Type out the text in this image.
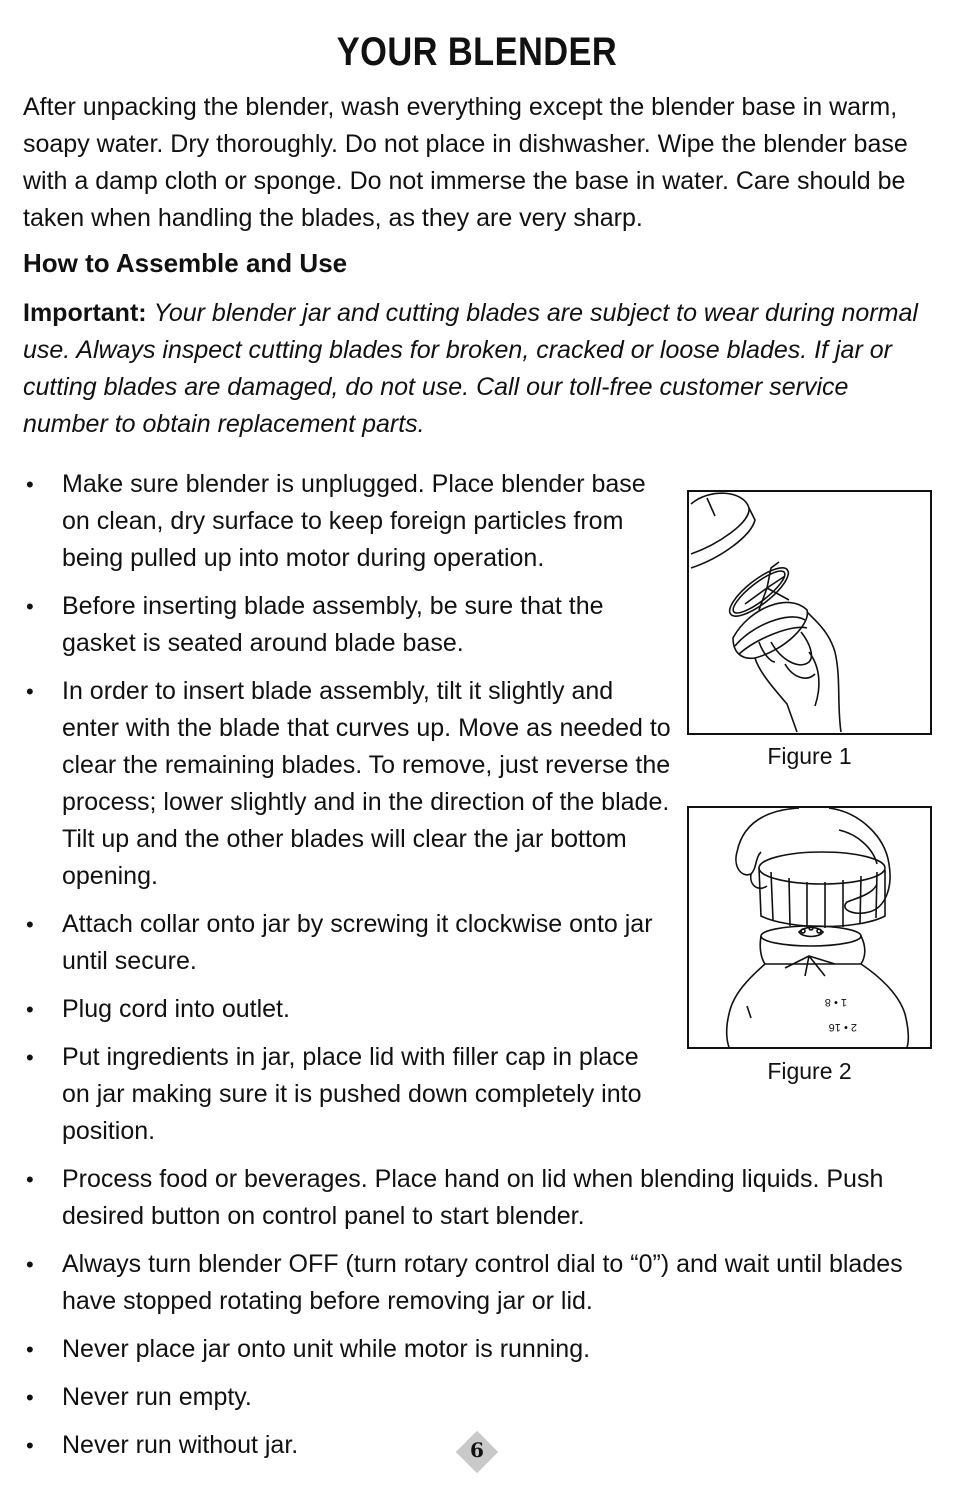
YOUR BLENDER
After unpacking the blender, wash everything except the blender base in warm, soapy water. Dry thoroughly. Do not place in dishwasher. Wipe the blender base with a damp cloth or sponge. Do not immerse the base in water. Care should be taken when handling the blades, as they are very sharp.
How to Assemble and Use
Important: Your blender jar and cutting blades are subject to wear during normal use. Always inspect cutting blades for broken, cracked or loose blades. If jar or cutting blades are damaged, do not use. Call our toll-free customer service number to obtain replacement parts.
• Make sure blender is unplugged. Place blender base on clean, dry surface to keep foreign particles from being pulled up into motor during operation.
• Before inserting blade assembly, be sure that the gasket is seated around blade base.
• In order to insert blade assembly, tilt it slightly and enter with the blade that curves up. Move as needed to clear the remaining blades. To remove, just reverse the process; lower slightly and in the direction of the blade. Tilt up and the other blades will clear the jar bottom opening.
• Attach collar onto jar by screwing it clockwise onto jar until secure.
• Plug cord into outlet.
• Put ingredients in jar, place lid with filler cap in place on jar making sure it is pushed down completely into position.
• Process food or beverages. Place hand on lid when blending liquids. Push desired button on control panel to start blender.
• Always turn blender OFF (turn rotary control dial to “0”) and wait until blades have stopped rotating before removing jar or lid.
• Never place jar onto unit while motor is running.
• Never run empty.
• Never run without jar.
Figure 1
1 • 8
2 • 16
Figure 2
6
